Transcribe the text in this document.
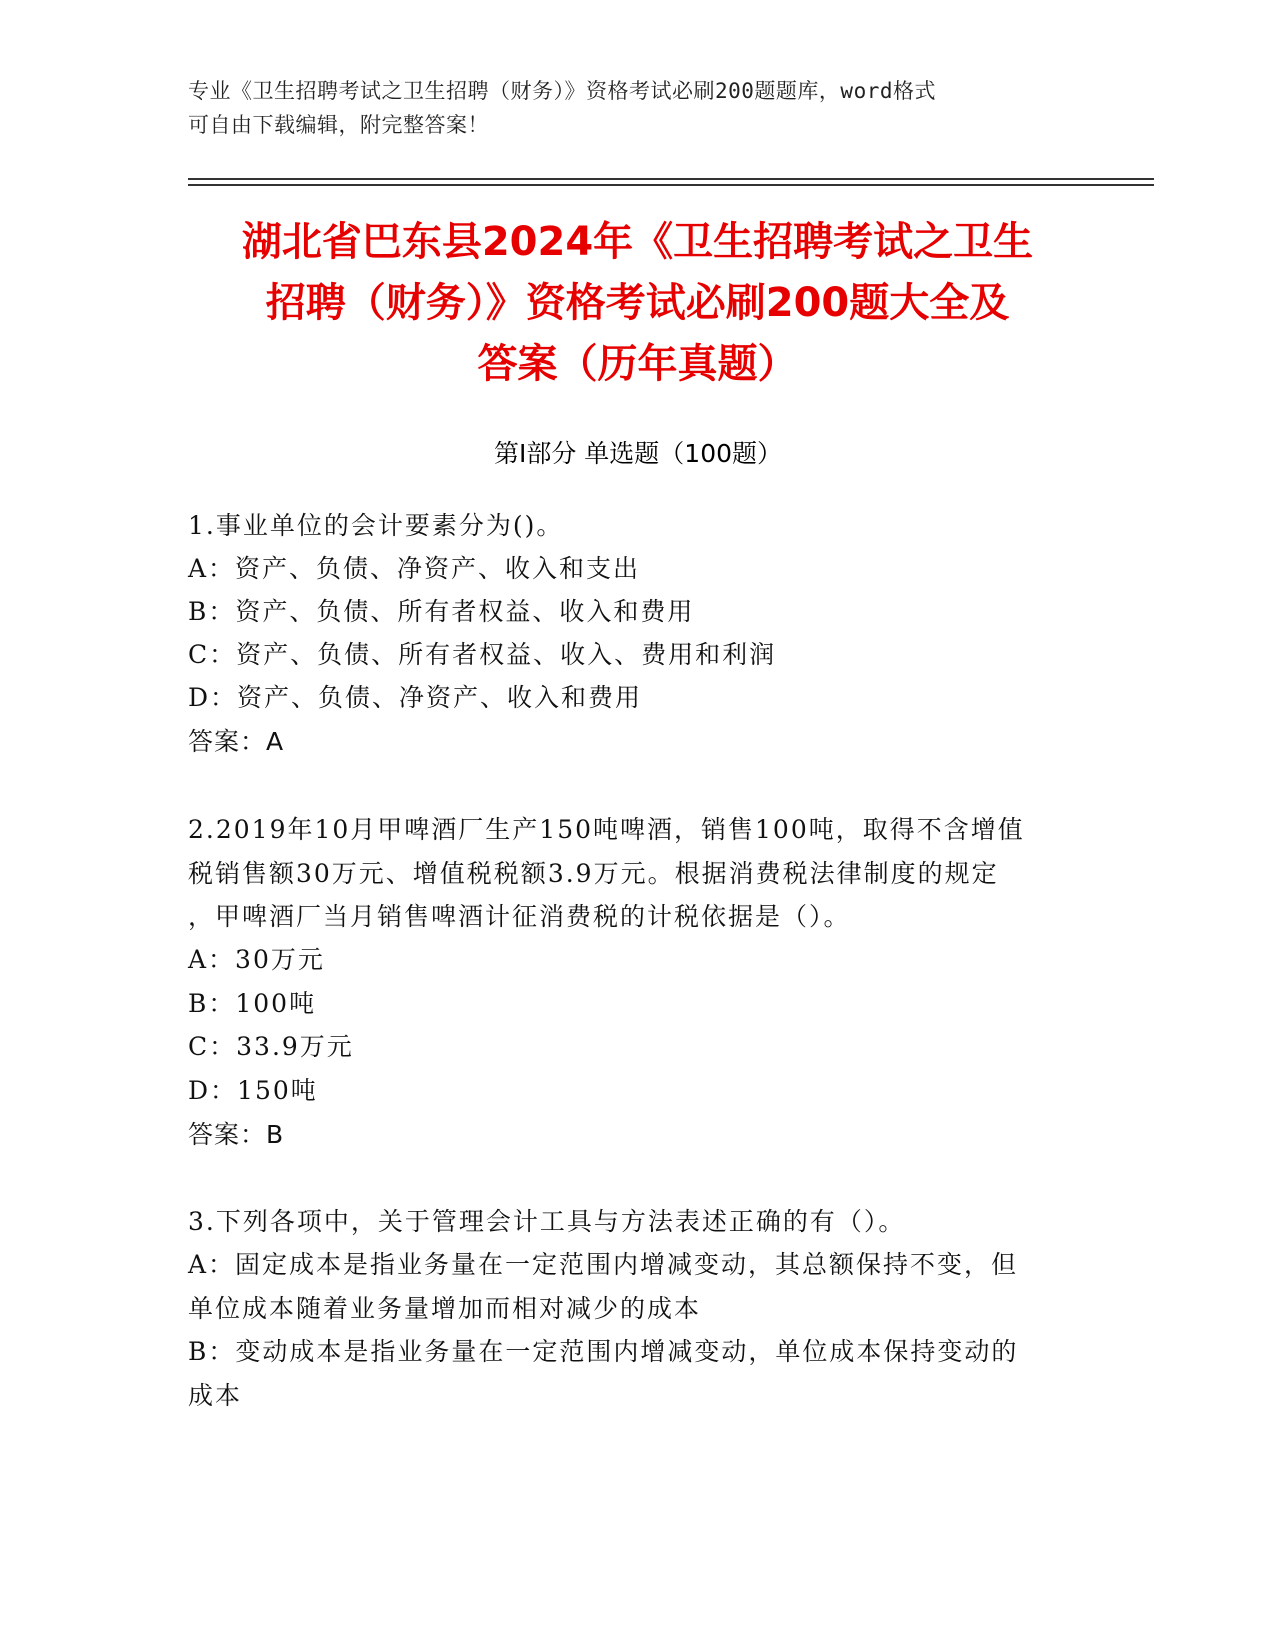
专业《卫生招聘考试之卫生招聘（财务）》资格考试必刷200题题库，word格式
可自由下载编辑，附完整答案！
湖北省巴东县2024年《卫生招聘考试之卫生
招聘（财务）》资格考试必刷200题大全及
答案（历年真题）
第Ⅰ部分 单选题（100题）
1.事业单位的会计要素分为()。
A：资产、负债、净资产、收入和支出
B：资产、负债、所有者权益、收入和费用
C：资产、负债、所有者权益、收入、费用和利润
D：资产、负债、净资产、收入和费用
答案：A
2.2019年10月甲啤酒厂生产150吨啤酒，销售100吨，取得不含增值
税销售额30万元、增值税税额3.9万元。根据消费税法律制度的规定
，甲啤酒厂当月销售啤酒计征消费税的计税依据是（）。
A：30万元
B：100吨
C：33.9万元
D：150吨
答案：B
3.下列各项中，关于管理会计工具与方法表述正确的有（）。
A：固定成本是指业务量在一定范围内增减变动，其总额保持不变，但
单位成本随着业务量增加而相对减少的成本
B：变动成本是指业务量在一定范围内增减变动，单位成本保持变动的
成本
